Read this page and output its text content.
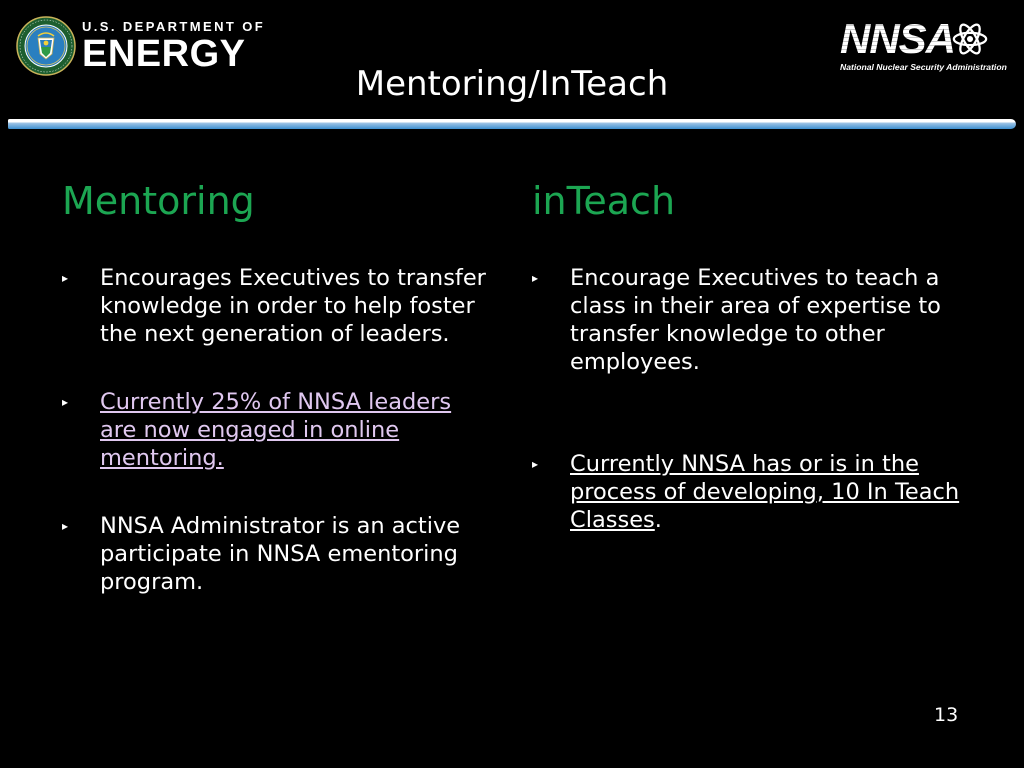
U.S. DEPARTMENT OF
ENERGY	NNSA
National Nuclear Security Administration
Mentoring/InTeach
Mentoring
▸ Encourages Executives to transfer knowledge in order to help foster the next generation of leaders.
▸ Currently 25% of NNSA leaders are now engaged in online mentoring.
▸ NNSA Administrator is an active participate in NNSA ementoring program.
inTeach
▸ Encourage Executives to teach a class in their area of expertise to transfer knowledge to other employees.
▸ Currently NNSA has or is in the process of developing, 10 In Teach Classes.
13
